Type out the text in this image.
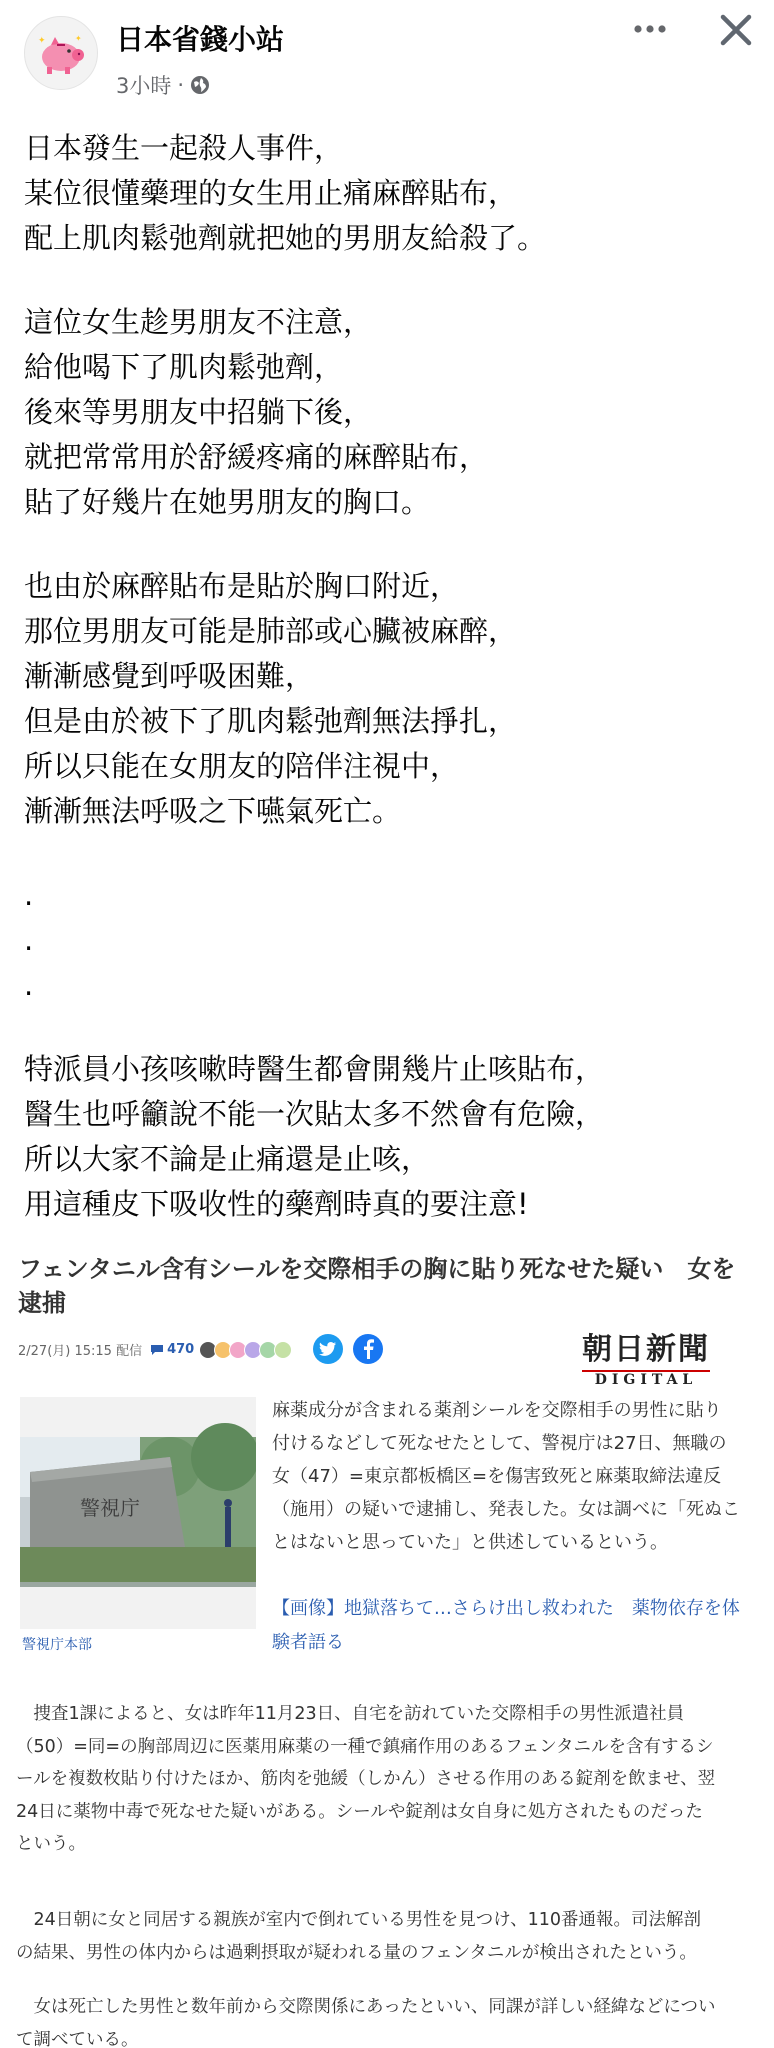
✦	✦ 日本省錢小站
3小時 ·
日本發生一起殺人事件，
某位很懂藥理的女生用止痛麻醉貼布，
配上肌肉鬆弛劑就把她的男朋友給殺了。
這位女生趁男朋友不注意，
給他喝下了肌肉鬆弛劑，
後來等男朋友中招躺下後，
就把常常用於舒緩疼痛的麻醉貼布，
貼了好幾片在她男朋友的胸口。
也由於麻醉貼布是貼於胸口附近，
那位男朋友可能是肺部或心臟被麻醉，
漸漸感覺到呼吸困難，
但是由於被下了肌肉鬆弛劑無法掙扎，
所以只能在女朋友的陪伴注視中，
漸漸無法呼吸之下嚥氣死亡。
.
.
.
特派員小孩咳嗽時醫生都會開幾片止咳貼布，
醫生也呼籲說不能一次貼太多不然會有危險，
所以大家不論是止痛還是止咳，
用這種皮下吸收性的藥劑時真的要注意!
フェンタニル含有シールを交際相手の胸に貼り死なせた疑い　女を
逮捕
2/27(月) 15:15 配信 470	朝日新聞
DIGITAL
警視庁
警視庁本部
麻薬成分が含まれる薬剤シールを交際相手の男性に貼り
付けるなどして死なせたとして、警視庁は27日、無職の
女（47）=東京都板橋区=を傷害致死と麻薬取締法違反
（施用）の疑いで逮捕し、発表した。女は調べに「死ぬこ
とはないと思っていた」と供述しているという。
【画像】地獄落ちて…さらけ出し救われた　薬物依存を体
験者語る
　捜査1課によると、女は昨年11月23日、自宅を訪れていた交際相手の男性派遣社員
（50）=同=の胸部周辺に医薬用麻薬の一種で鎮痛作用のあるフェンタニルを含有するシ
ールを複数枚貼り付けたほか、筋肉を弛緩（しかん）させる作用のある錠剤を飲ませ、翌
24日に薬物中毒で死なせた疑いがある。シールや錠剤は女自身に処方されたものだった
という。
　24日朝に女と同居する親族が室内で倒れている男性を見つけ、110番通報。司法解剖
の結果、男性の体内からは過剰摂取が疑われる量のフェンタニルが検出されたという。
　女は死亡した男性と数年前から交際関係にあったといい、同課が詳しい経緯などについ
て調べている。
